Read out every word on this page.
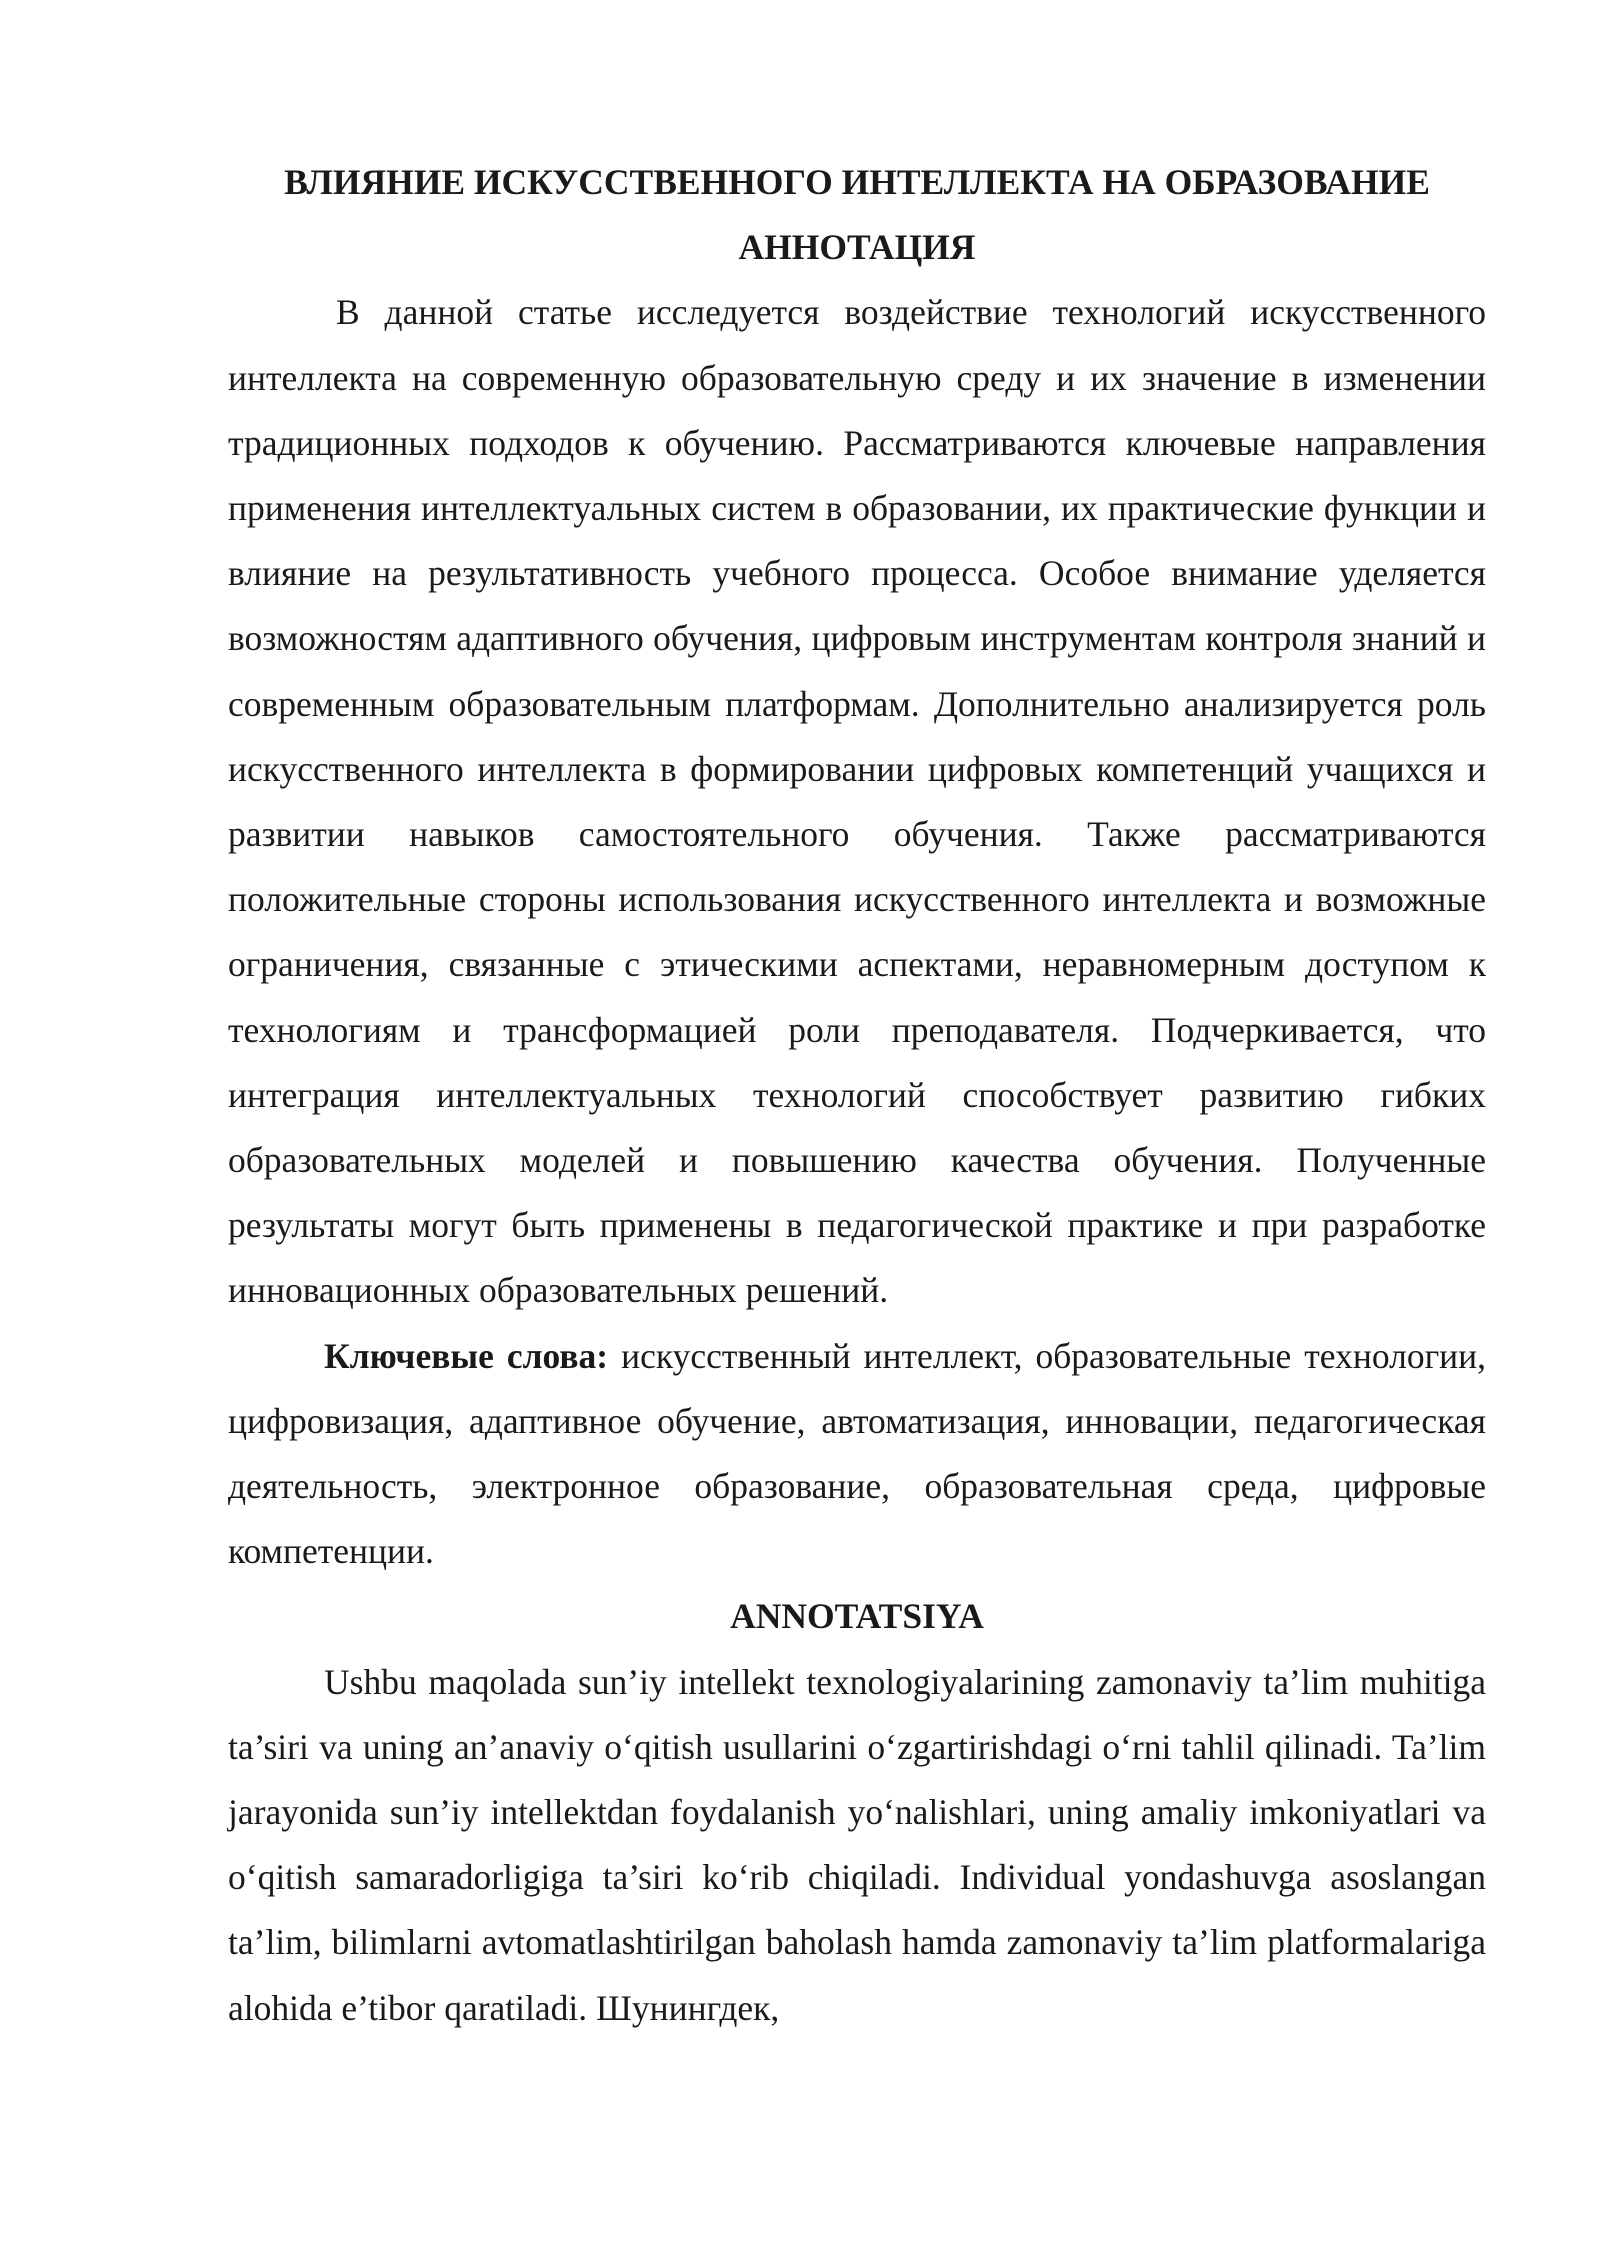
ВЛИЯНИЕ ИСКУССТВЕННОГО ИНТЕЛЛЕКТА НА ОБРАЗОВАНИЕ

АННОТАЦИЯ

В данной статье исследуется воздействие технологий искусственного интеллекта на современную образовательную среду и их значение в изменении традиционных подходов к обучению. Рассматриваются ключевые направления применения интеллектуальных систем в образовании, их практические функции и влияние на результативность учебного процесса. Особое внимание уделяется возможностям адаптивного обучения, цифровым инструментам контроля знаний и современным образовательным платформам. Дополнительно анализируется роль искусственного интеллекта в формировании цифровых компетенций учащихся и развитии навыков самостоятельного обучения. Также рассматриваются положительные стороны использования искусственного интеллекта и возможные ограничения, связанные с этическими аспектами, неравномерным доступом к технологиям и трансформацией роли преподавателя. Подчеркивается, что интеграция интеллектуальных технологий способствует развитию гибких образовательных моделей и повышению качества обучения. Полученные результаты могут быть применены в педагогической практике и при разработке инновационных образовательных решений.

Ключевые слова: искусственный интеллект, образовательные технологии, цифровизация, адаптивное обучение, автоматизация, инновации, педагогическая деятельность, электронное образование, образовательная среда, цифровые компетенции.

ANNOTATSIYA

Ushbu maqolada sun’iy intellekt texnologiyalarining zamonaviy ta’lim muhitiga ta’siri va uning an’anaviy o‘qitish usullarini o‘zgartirishdagi o‘rni tahlil qilinadi. Ta’lim jarayonida sun’iy intellektdan foydalanish yo‘nalishlari, uning amaliy imkoniyatlari va o‘qitish samaradorligiga ta’siri ko‘rib chiqiladi. Individual yondashuvga asoslangan ta’lim, bilimlarni avtomatlashtirilgan baholash hamda zamonaviy ta’lim platformalariga alohida e’tibor qaratiladi. Шунингдек,
